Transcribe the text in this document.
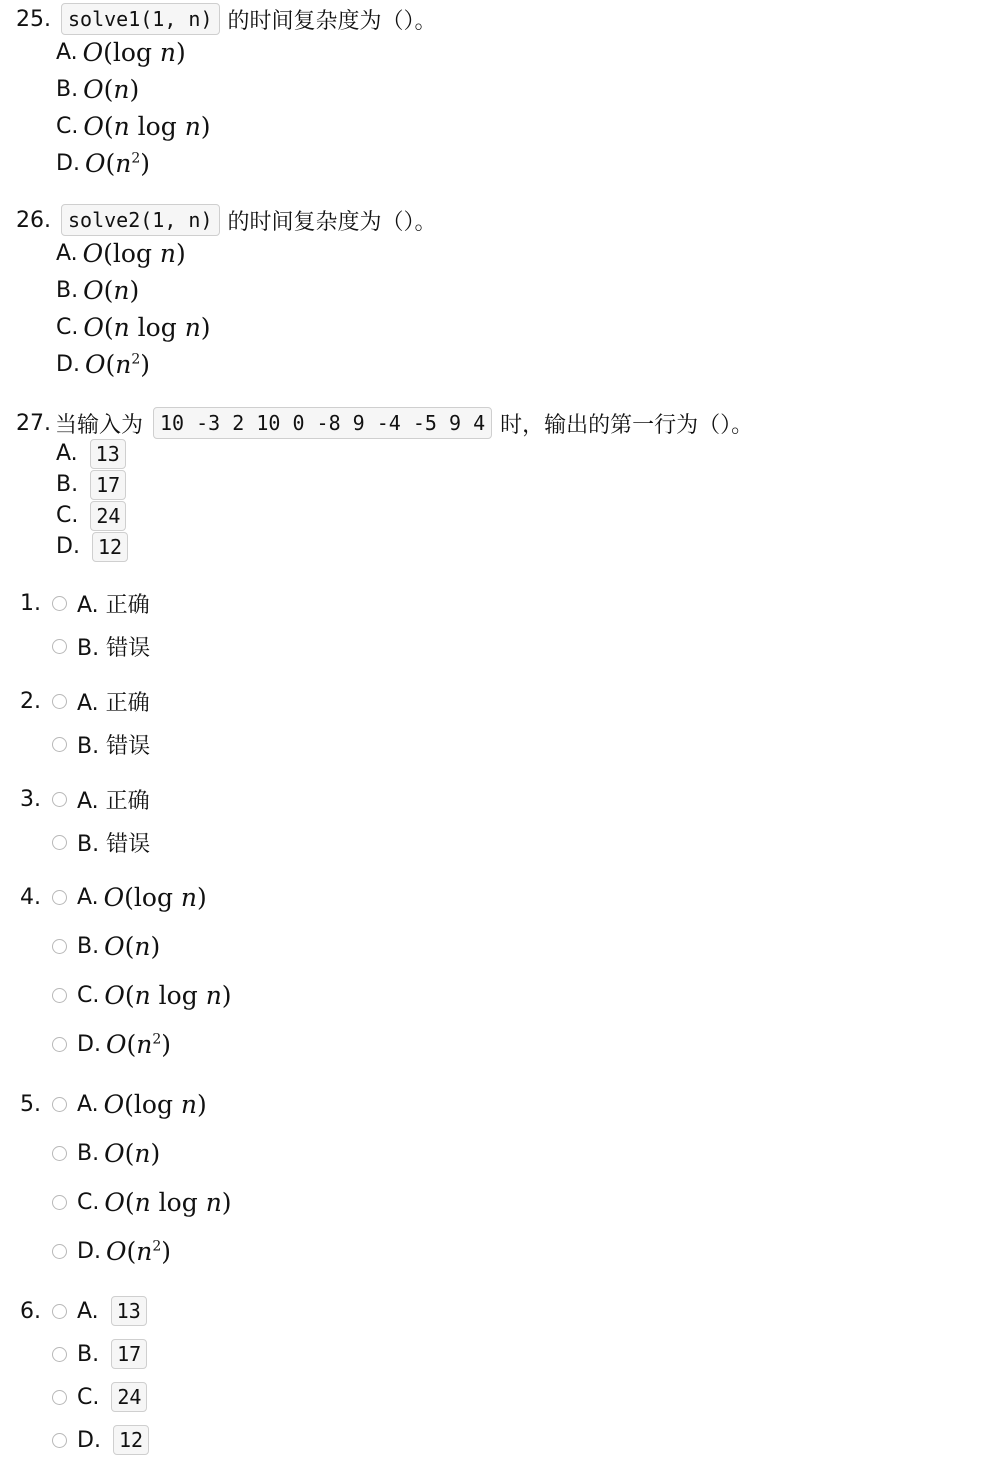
25. solve1(1, n) 的时间复杂度为（）。
A. O(log n)
B. O(n)
C. O(n log n)
D. $O(n^2)$
26. solve2(1, n) 的时间复杂度为（）。
A. O(log n)
B. O(n)
C. O(n log n)
D. $O(n^2)$
27. 当输入为 10 -3 2 10 0 -8 9 -4 -5 9 4 时，输出的第一行为（）。
A. 13
B. 17
C. 24
D. 12
1.	A. 正确
B. 错误
2.	A. 正确
B. 错误
3.	A. 正确
B. 错误
4.	A. O(log n)
B. O(n)
C. O(n log n)
D. $O(n^2)$
5.	A. O(log n)
B. O(n)
C. O(n log n)
D. $O(n^2)$
6.	A. 13
B. 17
C. 24
D. 12
